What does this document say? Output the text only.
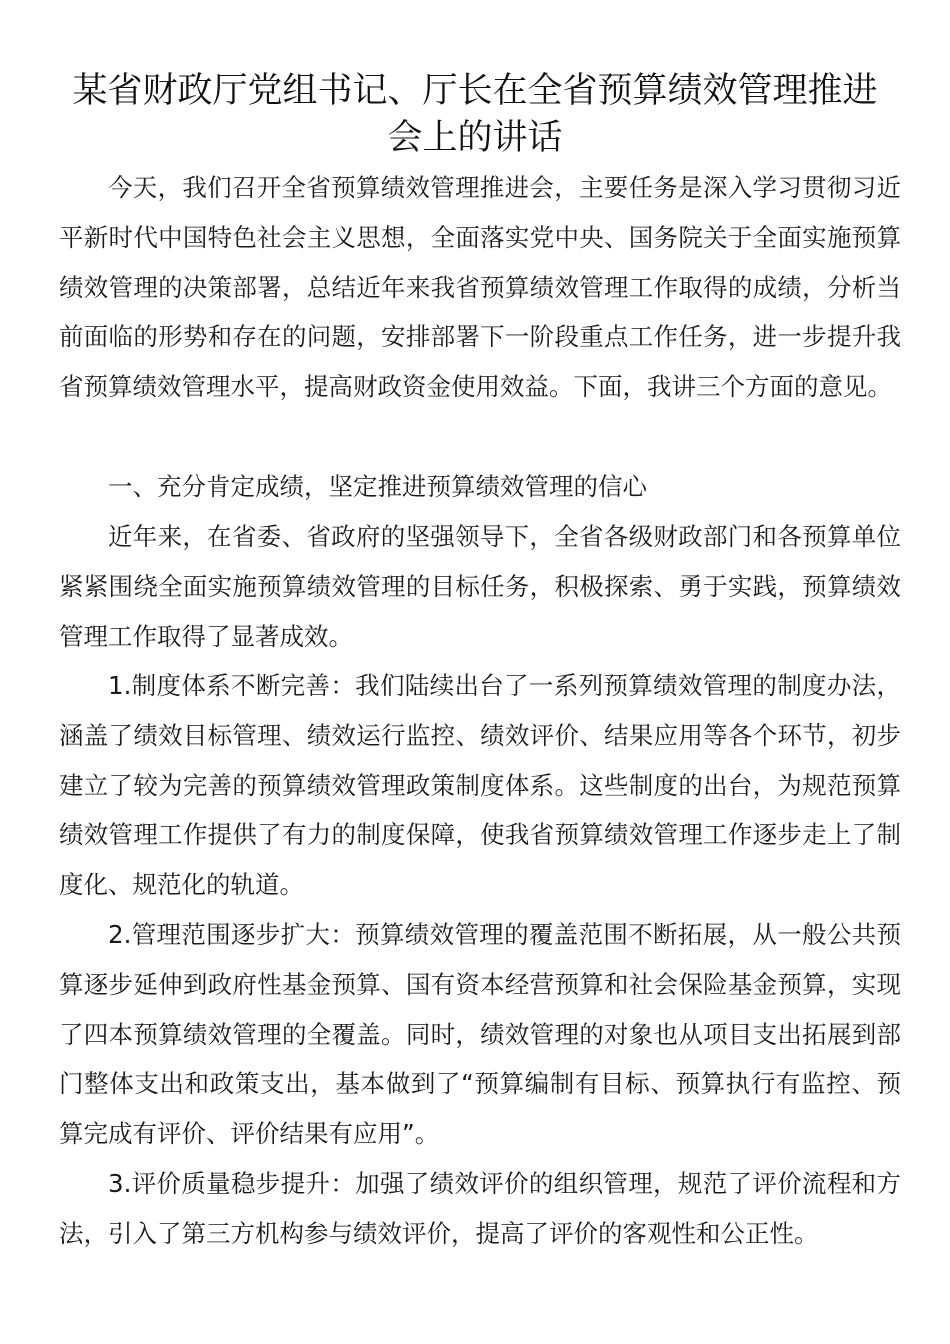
某省财政厅党组书记、厅长在全省预算绩效管理推进
会上的讲话

今天，我们召开全省预算绩效管理推进会，主要任务是深入学习贯彻习近平新时代中国特色社会主义思想，全面落实党中央、国务院关于全面实施预算绩效管理的决策部署，总结近年来我省预算绩效管理工作取得的成绩，分析当前面临的形势和存在的问题，安排部署下一阶段重点工作任务，进一步提升我省预算绩效管理水平，提高财政资金使用效益。下面，我讲三个方面的意见。

一、充分肯定成绩，坚定推进预算绩效管理的信心

近年来，在省委、省政府的坚强领导下，全省各级财政部门和各预算单位紧紧围绕全面实施预算绩效管理的目标任务，积极探索、勇于实践，预算绩效管理工作取得了显著成效。

1.制度体系不断完善：我们陆续出台了一系列预算绩效管理的制度办法，涵盖了绩效目标管理、绩效运行监控、绩效评价、结果应用等各个环节，初步建立了较为完善的预算绩效管理政策制度体系。这些制度的出台，为规范预算绩效管理工作提供了有力的制度保障，使我省预算绩效管理工作逐步走上了制度化、规范化的轨道。

2.管理范围逐步扩大：预算绩效管理的覆盖范围不断拓展，从一般公共预算逐步延伸到政府性基金预算、国有资本经营预算和社会保险基金预算，实现了四本预算绩效管理的全覆盖。同时，绩效管理的对象也从项目支出拓展到部门整体支出和政策支出，基本做到了“预算编制有目标、预算执行有监控、预算完成有评价、评价结果有应用”。

3.评价质量稳步提升：加强了绩效评价的组织管理，规范了评价流程和方法，引入了第三方机构参与绩效评价，提高了评价的客观性和公正性。
